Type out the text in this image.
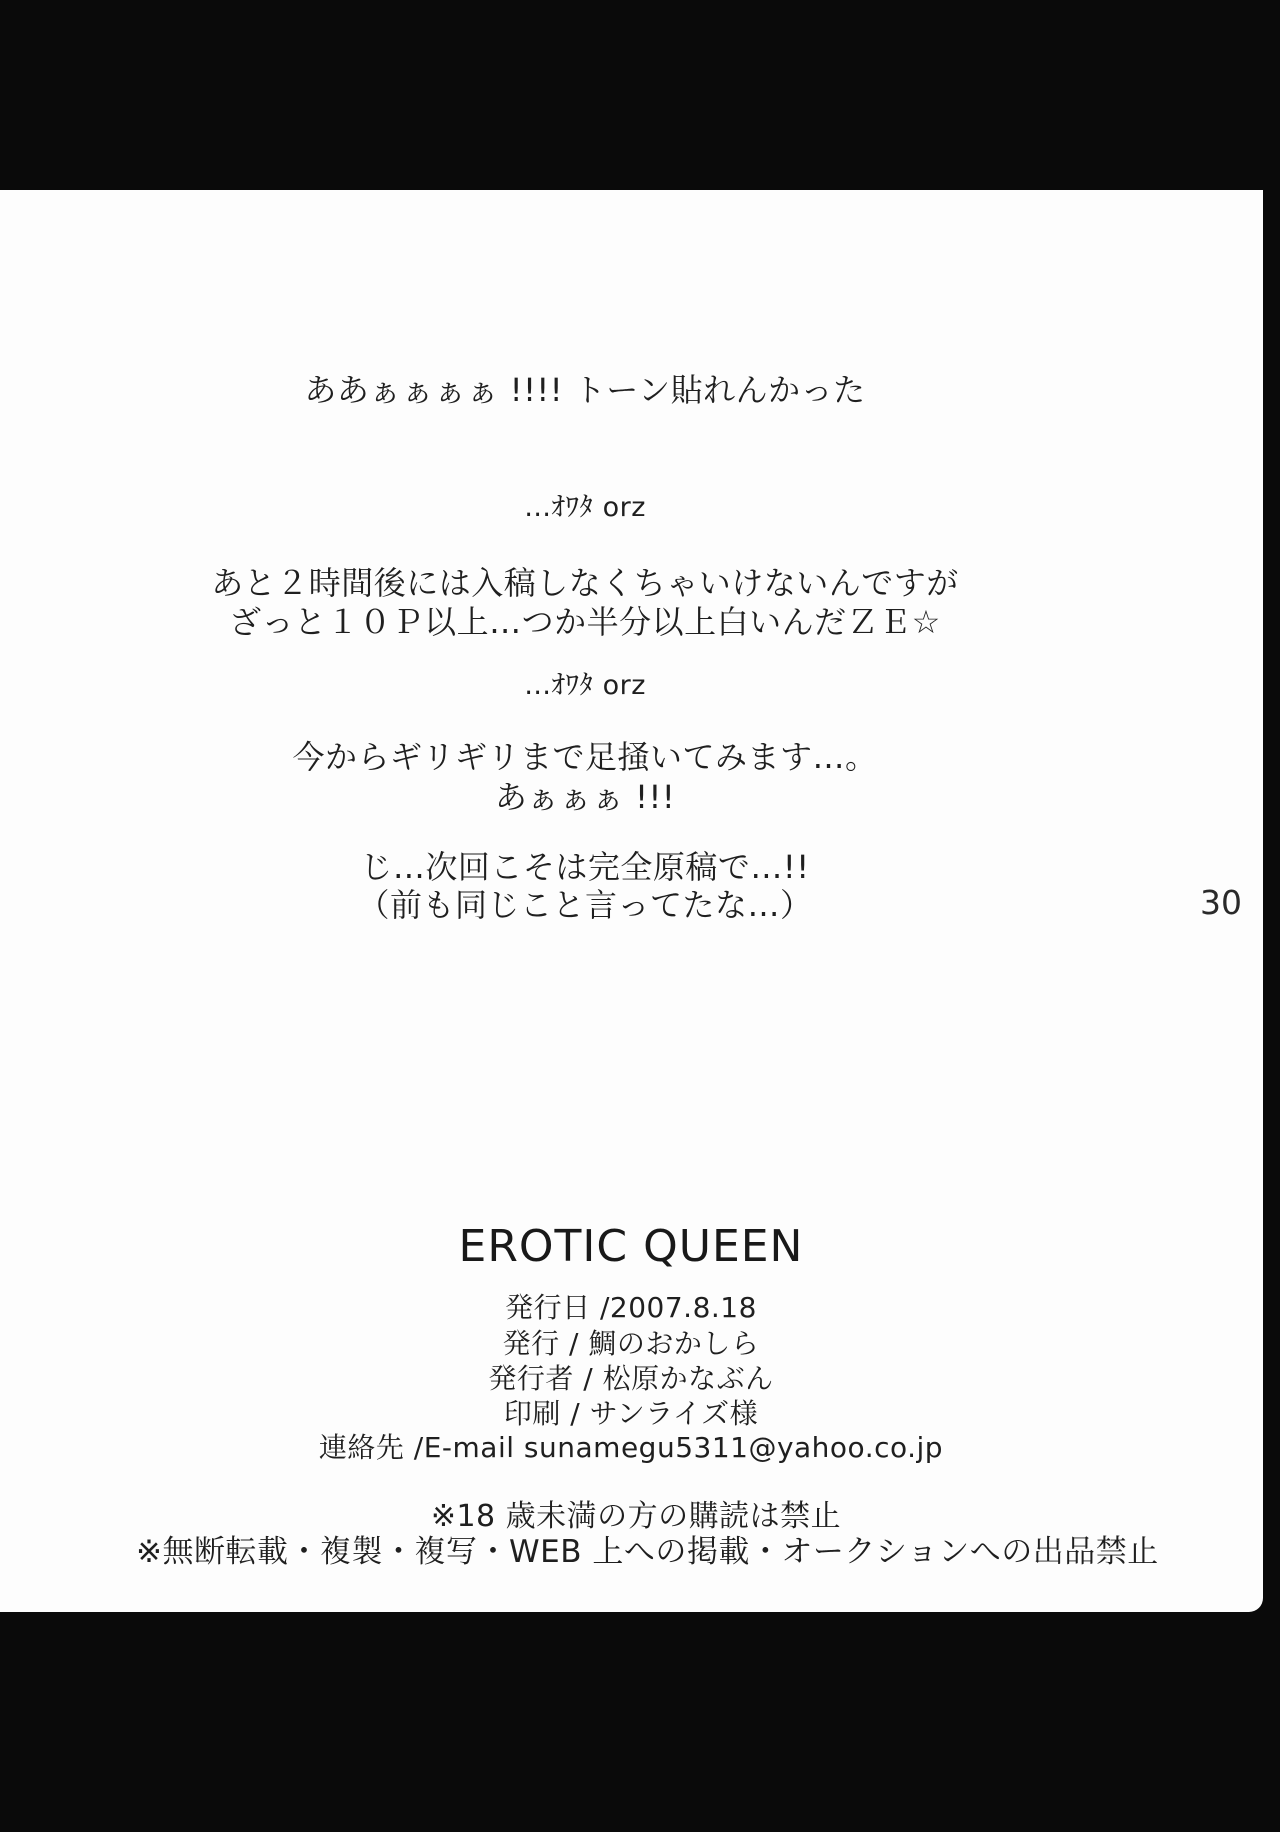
ああぁぁぁぁ !!!! トーン貼れんかった
…ｵﾜﾀ orz
あと２時間後には入稿しなくちゃいけないんですが
ざっと１０Ｐ以上…つか半分以上白いんだＺＥ☆
…ｵﾜﾀ orz
今からギリギリまで足掻いてみます…。
あぁぁぁ !!!
じ…次回こそは完全原稿で…!!
（前も同じこと言ってたな…）	30
EROTIC QUEEN
発行日 /2007.8.18
発行 / 鯛のおかしら
発行者 / 松原かなぶん
印刷 / サンライズ様
連絡先 /E-mail sunamegu5311@yahoo.co.jp
※18 歳未満の方の購読は禁止
※無断転載・複製・複写・WEB 上への掲載・オークションへの出品禁止
